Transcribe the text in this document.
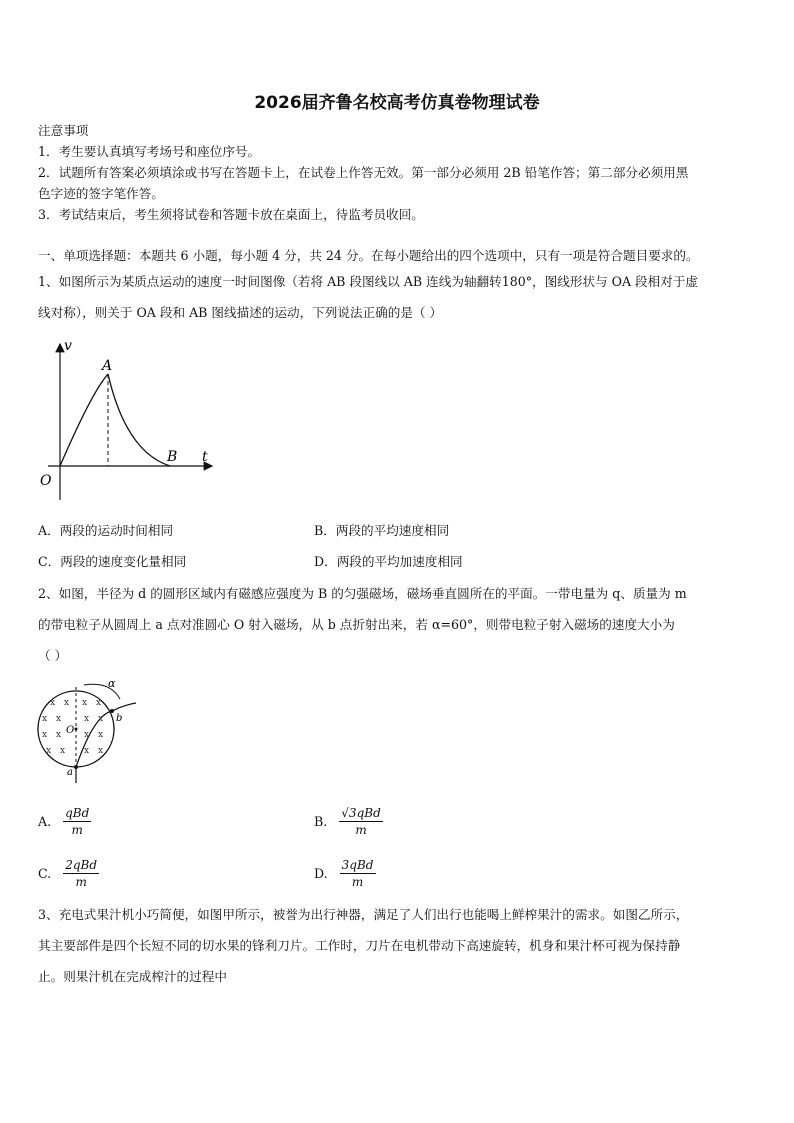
2026届齐鲁名校高考仿真卷物理试卷
注意事项
1．考生要认真填写考场号和座位序号。
2．试题所有答案必须填涂或书写在答题卡上，在试卷上作答无效。第一部分必须用 2B 铅笔作答；第二部分必须用黑
色字迹的签字笔作答。
3．考试结束后，考生须将试卷和答题卡放在桌面上，待监考员收回。
一、单项选择题：本题共 6 小题，每小题 4 分，共 24 分。在每小题给出的四个选项中，只有一项是符合题目要求的。
1、如图所示为某质点运动的速度一时间图像（若将 AB 段图线以 AB 连线为轴翻转180°，图线形状与 OA 段相对于虚
线对称），则关于 OA 段和 AB 图线描述的运动，下列说法正确的是（ ）
v
A
B t
O
A．两段的运动时间相同	B．两段的平均速度相同
C．两段的速度变化量相同	D．两段的平均加速度相同
2、如图，半径为 d 的圆形区域内有磁感应强度为 B 的匀强磁场，磁场垂直圆所在的平面。一带电量为 q、质量为 m
的带电粒子从圆周上 a 点对准圆心 O 射入磁场，从 b 点折射出来，若 α=60°，则带电粒子射入磁场的速度大小为
（ ）
x x x x
x x	x x
x x	x x
x x x x
O
a
b
α
A. $\frac{\text{qBd}}{m}$	B. $\frac{\text{√3qBd}}{m}$
C. $\frac{\text{2qBd}}{m}$	D. $\frac{\text{3qBd}}{m}$
3、充电式果汁机小巧简便，如图甲所示，被誉为出行神器，满足了人们出行也能喝上鲜榨果汁的需求。如图乙所示，
其主要部件是四个长短不同的切水果的锋利刀片。工作时，刀片在电机带动下高速旋转，机身和果汁杯可视为保持静
止。则果汁机在完成榨汁的过程中
